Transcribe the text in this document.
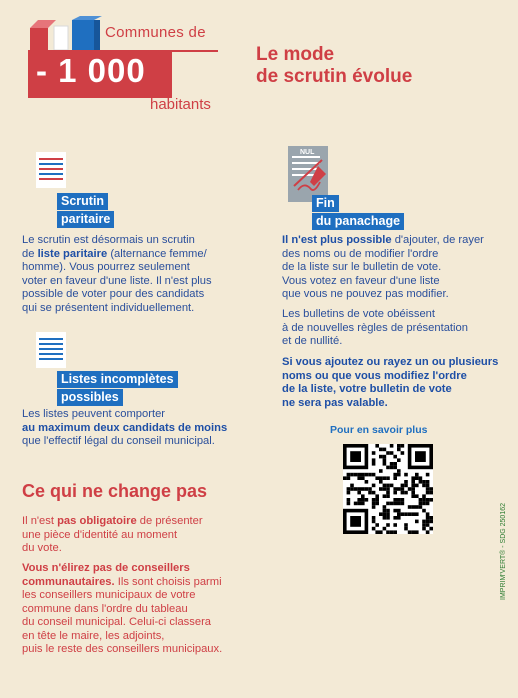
Communes de
- 1 000
habitants
Le mode
de scrutin évolue
Scrutin
paritaire
Le scrutin est désormais un scrutin
de liste paritaire (alternance femme/
homme). Vous pourrez seulement
voter en faveur d'une liste. Il n'est plus
possible de voter pour des candidats
qui se présentent individuellement.
Listes incomplètes
possibles
Les listes peuvent comporter
au maximum deux candidats de moins
que l'effectif légal du conseil municipal.
Ce qui ne change pas
Il n'est pas obligatoire de présenter
une pièce d'identité au moment
du vote.
Vous n'élirez pas de conseillers
communautaires. Ils sont choisis parmi
les conseillers municipaux de votre
commune dans l'ordre du tableau
du conseil municipal. Celui-ci classera
en tête le maire, les adjoints,
puis le reste des conseillers municipaux.
NUL
Fin
du panachage
Il n'est plus possible d'ajouter, de rayer
des noms ou de modifier l'ordre
de la liste sur le bulletin de vote.
Vous votez en faveur d'une liste
que vous ne pouvez pas modifier.
Les bulletins de vote obéissent
à de nouvelles règles de présentation
et de nullité.
Si vous ajoutez ou rayez un ou plusieurs
noms ou que vous modifiez l'ordre
de la liste, votre bulletin de vote
ne sera pas valable.
Pour en savoir plus
IMPRIM'VERT® - SDG 250162
